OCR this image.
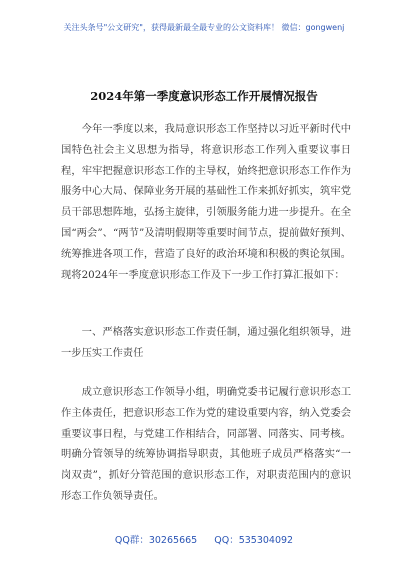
关注头条号"公文研究"，获得最新最全最专业的公文资料库！ 微信：gongwenj
2024年第一季度意识形态工作开展情况报告

今年一季度以来，我局意识形态工作坚持以习近平新时代中国特色社会主义思想为指导，将意识形态工作列入重要议事日程，牢牢把握意识形态工作的主导权，始终把意识形态工作作为服务中心大局、保障业务开展的基础性工作来抓好抓实，筑牢党员干部思想阵地，弘扬主旋律，引领服务能力进一步提升。在全国“两会”、“两节”及清明假期等重要时间节点，提前做好预判、统筹推进各项工作，营造了良好的政治环境和积极的舆论氛围。现将2024年一季度意识形态工作及下一步工作打算汇报如下：

一、严格落实意识形态工作责任制，通过强化组织领导，进一步压实工作责任

成立意识形态工作领导小组，明确党委书记履行意识形态工作主体责任，把意识形态工作为党的建设重要内容，纳入党委会重要议事日程，与党建工作相结合，同部署、同落实、同考核。明确分管领导的统筹协调指导职责，其他班子成员严格落实“一岗双责”，抓好分管范围的意识形态工作，对职责范围内的意识形态工作负领导责任。

QQ群：30265665 QQ：535304092
